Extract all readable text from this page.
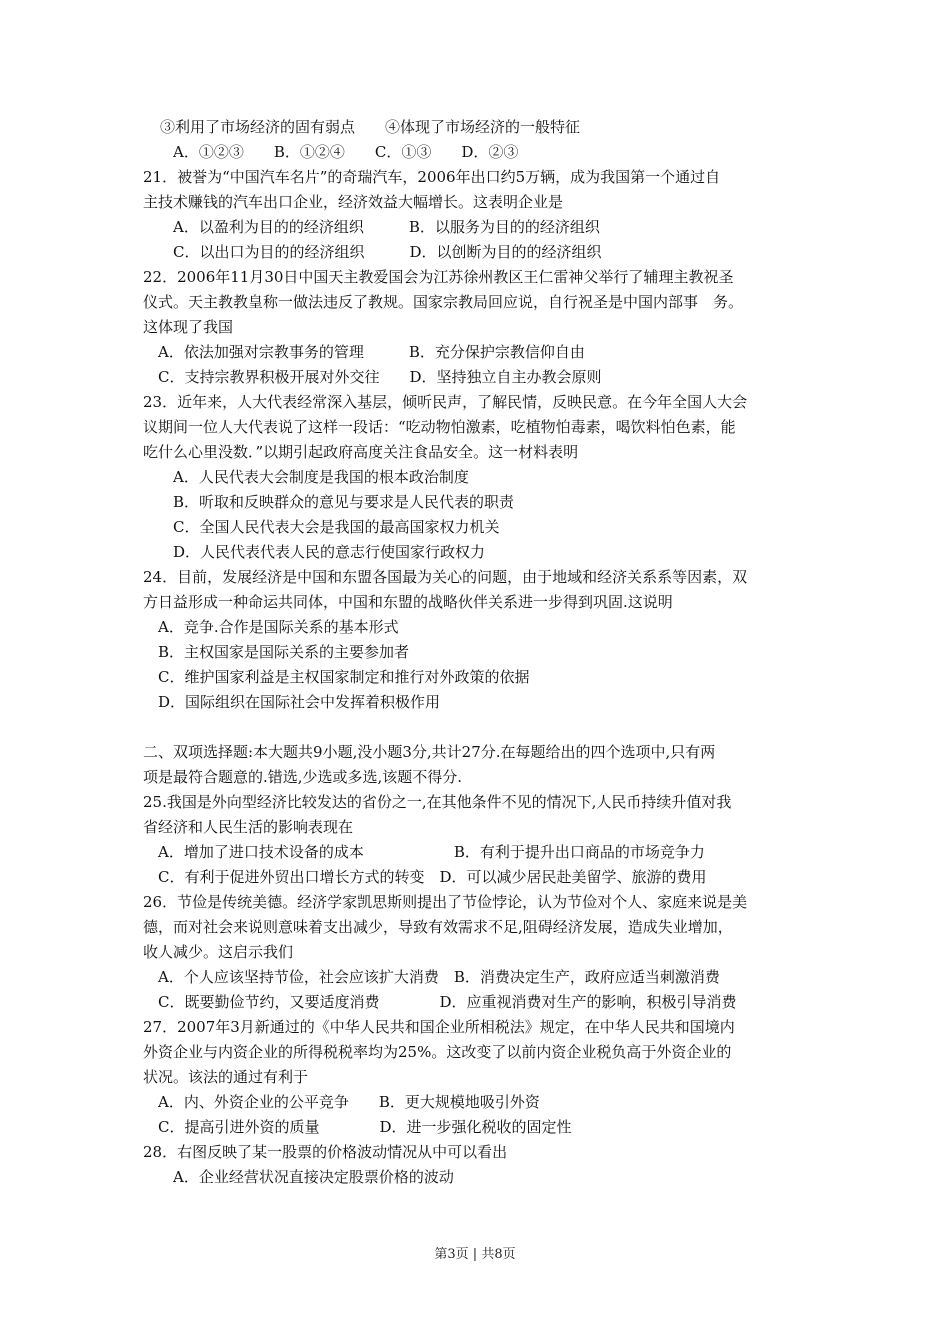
③利用了市场经济的固有弱点　　④体现了市场经济的一般特征
A．①②③　　B．①②④　　C．①③　　D．②③
21．被誉为“中国汽车名片”的奇瑞汽车，2006年出口约5万辆，成为我国第一个通过自
主技术赚钱的汽车出口企业，经济效益大幅增长。这表明企业是
A．以盈利为目的的经济组织　　　B．以服务为目的的经济组织
C．以出口为目的的经济组织　　　D．以创断为目的的经济组织
22．2006年11月30日中国天主教爱国会为江苏徐州教区王仁雷神父举行了辅理主教祝圣
仪式。天主教教皇称一做法违反了教规。国家宗教局回应说，自行祝圣是中国内部事　务。
这体现了我国
A．依法加强对宗教事务的管理　　　B．充分保护宗教信仰自由
C．支持宗教界积极开展对外交往　　D．坚持独立自主办教会原则
23．近年来，人大代表经常深入基层，倾听民声，了解民情，反映民意。在今年全国人大会
议期间一位人大代表说了这样一段话：“吃动物怕激素，吃植物怕毒素，喝饮料怕色素，能
吃什么心里没数．”以期引起政府高度关注食品安全。这一材料表明
A．人民代表大会制度是我国的根本政治制度
B．听取和反映群众的意见与要求是人民代表的职责
C．全国人民代表大会是我国的最高国家权力机关
D．人民代表代表人民的意志行使国家行政权力
24．目前，发展经济是中国和东盟各国最为关心的问题，由于地域和经济关系系等因素，双
方日益形成一种命运共同体，中国和东盟的战略伙伴关系进一步得到巩固.这说明
A．竞争.合作是国际关系的基本形式
B．主权国家是国际关系的主要参加者
C．维护国家利益是主权国家制定和推行对外政策的依据
D．国际组织在国际社会中发挥着积极作用
二、双项选择题:本大题共9小题,没小题3分,共计27分.在每题给出的四个选项中,只有两
项是最符合题意的.错选,少选或多选,该题不得分.
25.我国是外向型经济比较发达的省份之一,在其他条件不见的情况下,人民币持续升值对我
省经济和人民生活的影响表现在
A．增加了进口技术设备的成本　　　　　　B．有利于提升出口商品的市场竞争力
C．有利于促进外贸出口增长方式的转变　D．可以减少居民赴美留学、旅游的费用
26．节俭是传统美德。经济学家凯思斯则提出了节俭悖论，认为节俭对个人、家庭来说是美
德，而对社会来说则意味着支出减少，导致有效需求不足,阻碍经济发展，造成失业增加，
收人减少。这启示我们
A．个人应该坚持节俭，社会应该扩大消费　B．消费决定生产，政府应适当刺激消费
C．既要勤俭节约，又要适度消费　　　　D．应重视消费对生产的影响，积极引导消费
27．2007年3月新通过的《中华人民共和国企业所相税法》规定，在中华人民共和国境内
外资企业与内资企业的所得税税率均为25%。这改变了以前内资企业税负高于外资企业的
状况。该法的通过有利于
A．内、外资企业的公平竞争　　B．更大规模地吸引外资
C．提高引进外资的质量　　　　D．进一步强化税收的固定性
28．右图反映了某一股票的价格波动情况从中可以看出
A．企业经营状况直接决定股票价格的波动
第3页 | 共8页
